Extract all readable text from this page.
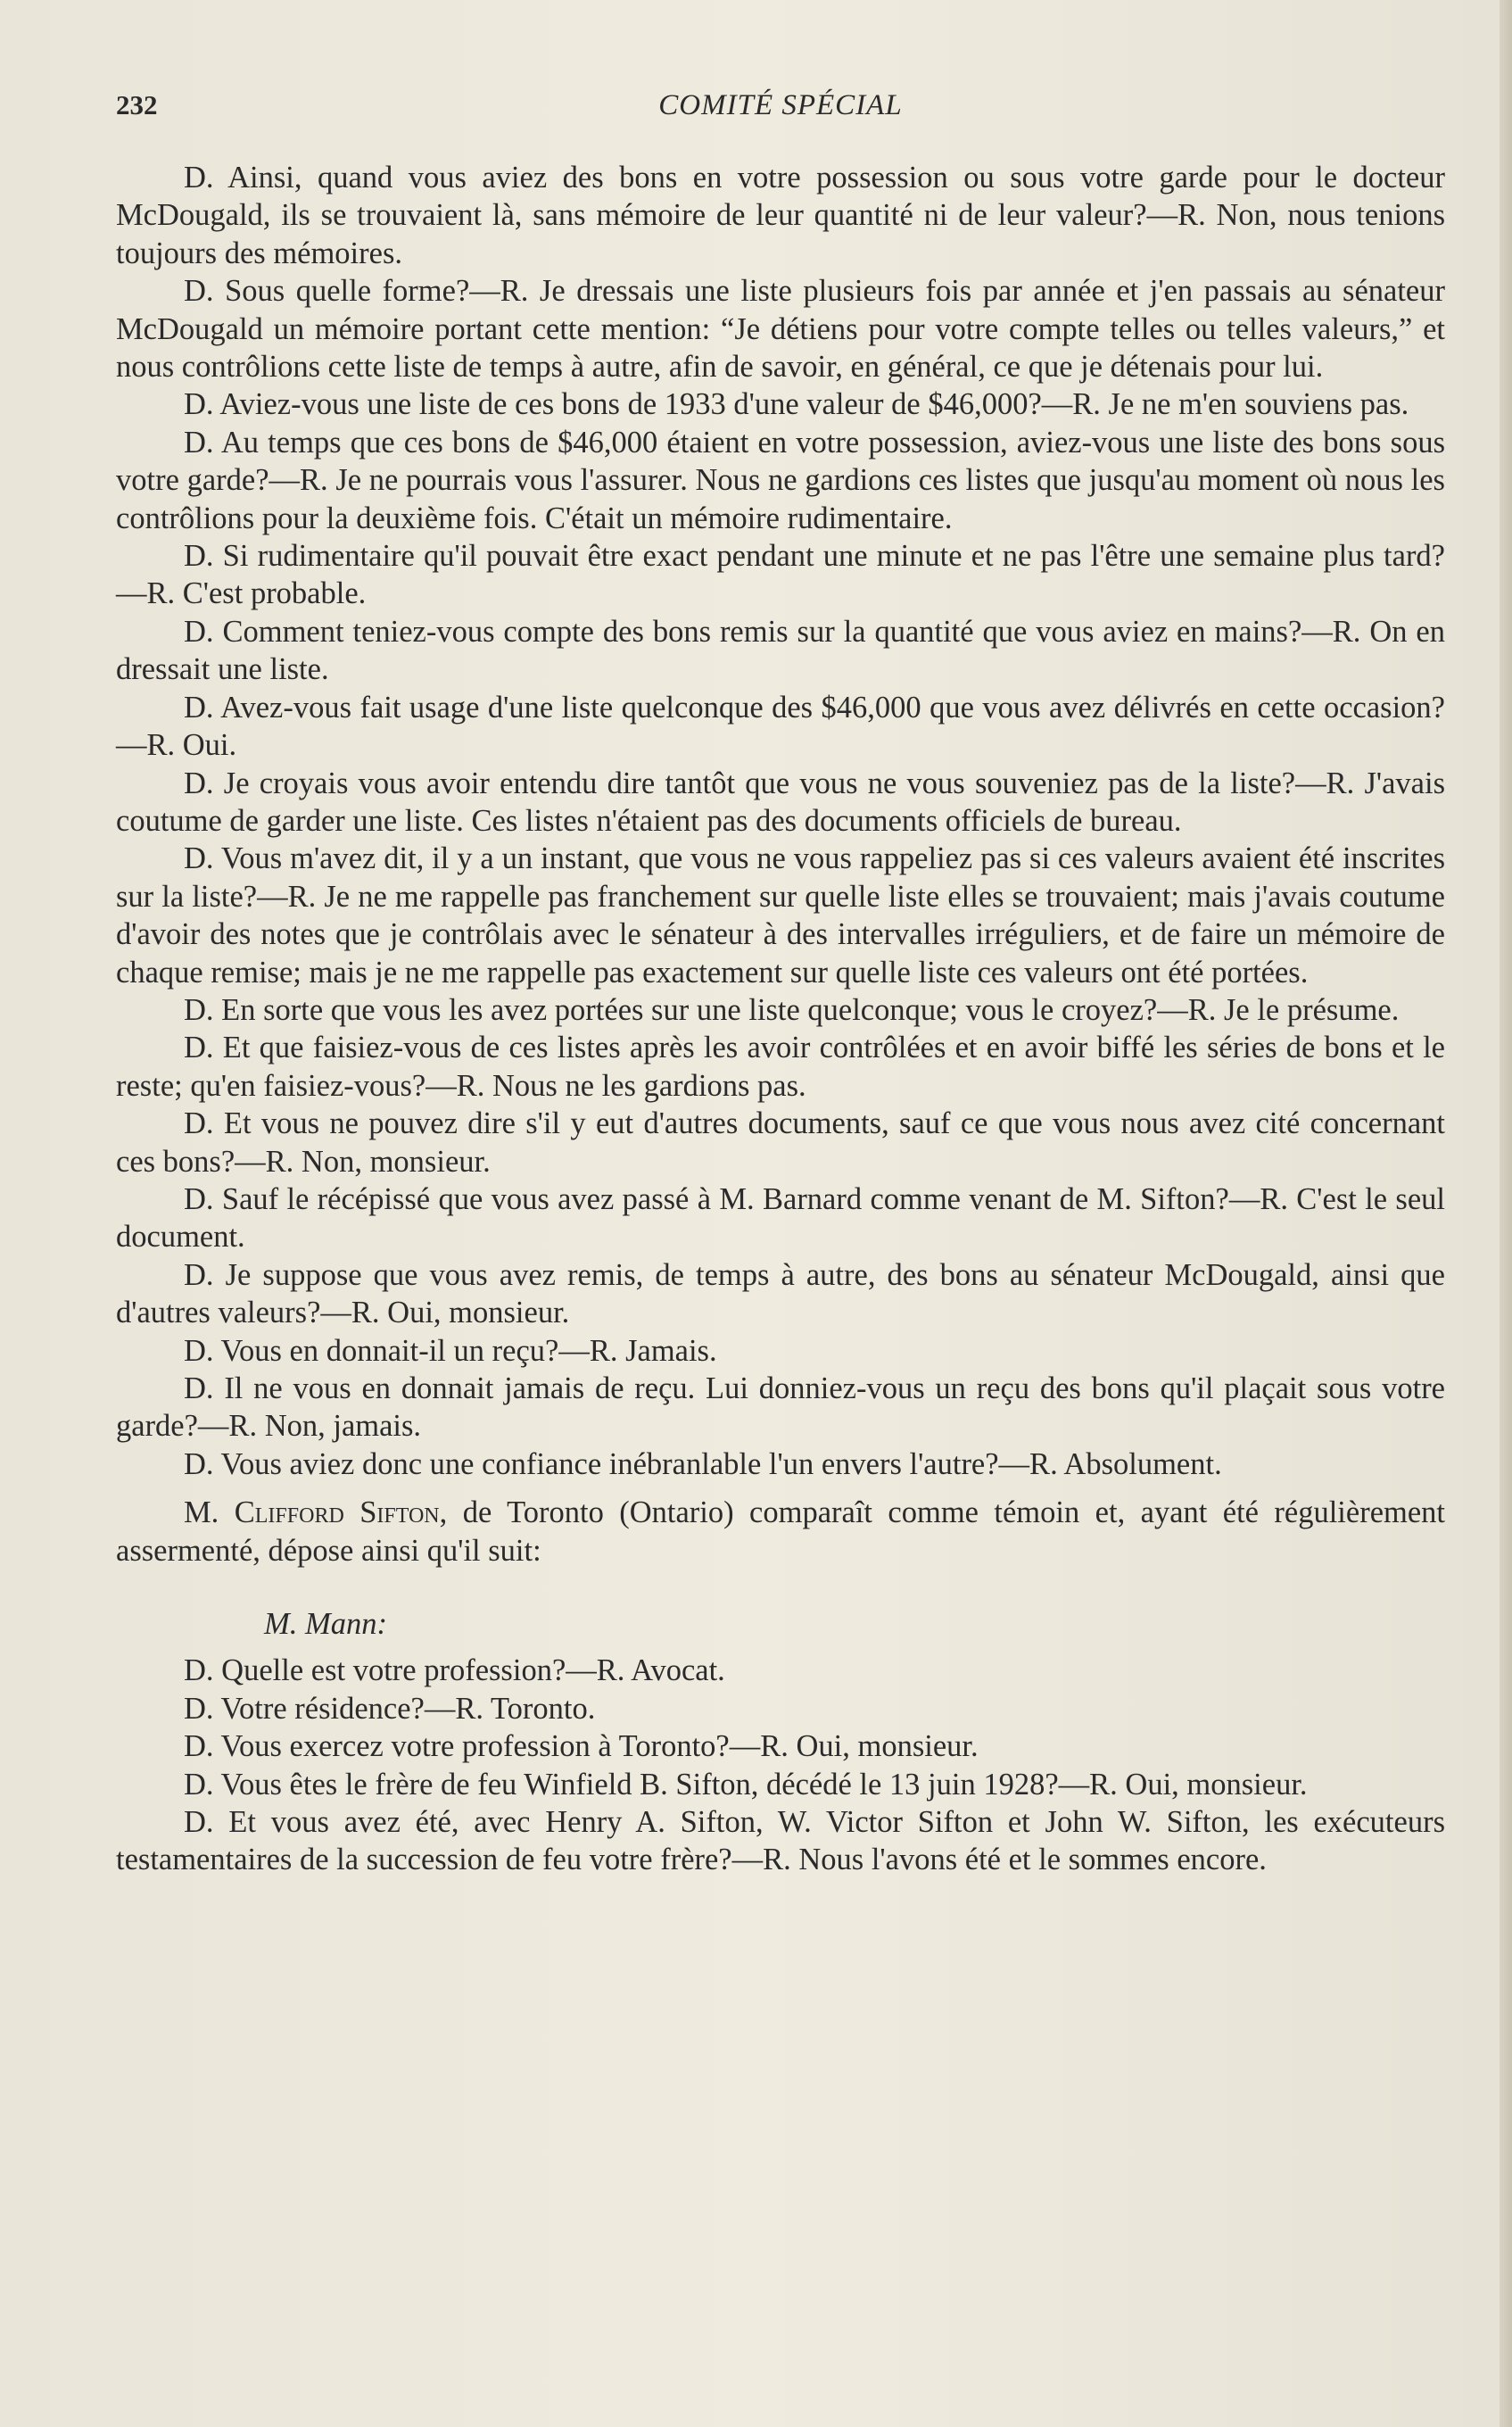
232	COMITÉ SPÉCIAL

D. Ainsi, quand vous aviez des bons en votre possession ou sous votre garde pour le docteur McDougald, ils se trouvaient là, sans mémoire de leur quantité ni de leur valeur?—R. Non, nous tenions toujours des mémoires.

D. Sous quelle forme?—R. Je dressais une liste plusieurs fois par année et j'en passais au sénateur McDougald un mémoire portant cette mention: “Je détiens pour votre compte telles ou telles valeurs,” et nous contrôlions cette liste de temps à autre, afin de savoir, en général, ce que je détenais pour lui.

D. Aviez-vous une liste de ces bons de 1933 d'une valeur de $46,000?—R. Je ne m'en souviens pas.

D. Au temps que ces bons de $46,000 étaient en votre possession, aviez-vous une liste des bons sous votre garde?—R. Je ne pourrais vous l'assurer. Nous ne gardions ces listes que jusqu'au moment où nous les contrôlions pour la deuxième fois. C'était un mémoire rudimentaire.

D. Si rudimentaire qu'il pouvait être exact pendant une minute et ne pas l'être une semaine plus tard?—R. C'est probable.

D. Comment teniez-vous compte des bons remis sur la quantité que vous aviez en mains?—R. On en dressait une liste.

D. Avez-vous fait usage d'une liste quelconque des $46,000 que vous avez délivrés en cette occasion?—R. Oui.

D. Je croyais vous avoir entendu dire tantôt que vous ne vous souveniez pas de la liste?—R. J'avais coutume de garder une liste. Ces listes n'étaient pas des documents officiels de bureau.

D. Vous m'avez dit, il y a un instant, que vous ne vous rappeliez pas si ces valeurs avaient été inscrites sur la liste?—R. Je ne me rappelle pas franchement sur quelle liste elles se trouvaient; mais j'avais coutume d'avoir des notes que je contrôlais avec le sénateur à des intervalles irréguliers, et de faire un mémoire de chaque remise; mais je ne me rappelle pas exactement sur quelle liste ces valeurs ont été portées.

D. En sorte que vous les avez portées sur une liste quelconque; vous le croyez?—R. Je le présume.

D. Et que faisiez-vous de ces listes après les avoir contrôlées et en avoir biffé les séries de bons et le reste; qu'en faisiez-vous?—R. Nous ne les gardions pas.

D. Et vous ne pouvez dire s'il y eut d'autres documents, sauf ce que vous nous avez cité concernant ces bons?—R. Non, monsieur.

D. Sauf le récépissé que vous avez passé à M. Barnard comme venant de M. Sifton?—R. C'est le seul document.

D. Je suppose que vous avez remis, de temps à autre, des bons au sénateur McDougald, ainsi que d'autres valeurs?—R. Oui, monsieur.

D. Vous en donnait-il un reçu?—R. Jamais.

D. Il ne vous en donnait jamais de reçu. Lui donniez-vous un reçu des bons qu'il plaçait sous votre garde?—R. Non, jamais.

D. Vous aviez donc une confiance inébranlable l'un envers l'autre?—R. Absolument.

M. Clifford Sifton, de Toronto (Ontario) comparaît comme témoin et, ayant été régulièrement assermenté, dépose ainsi qu'il suit:

M. Mann:

D. Quelle est votre profession?—R. Avocat.

D. Votre résidence?—R. Toronto.

D. Vous exercez votre profession à Toronto?—R. Oui, monsieur.

D. Vous êtes le frère de feu Winfield B. Sifton, décédé le 13 juin 1928?—R. Oui, monsieur.

D. Et vous avez été, avec Henry A. Sifton, W. Victor Sifton et John W. Sifton, les exécuteurs testamentaires de la succession de feu votre frère?—R. Nous l'avons été et le sommes encore.
